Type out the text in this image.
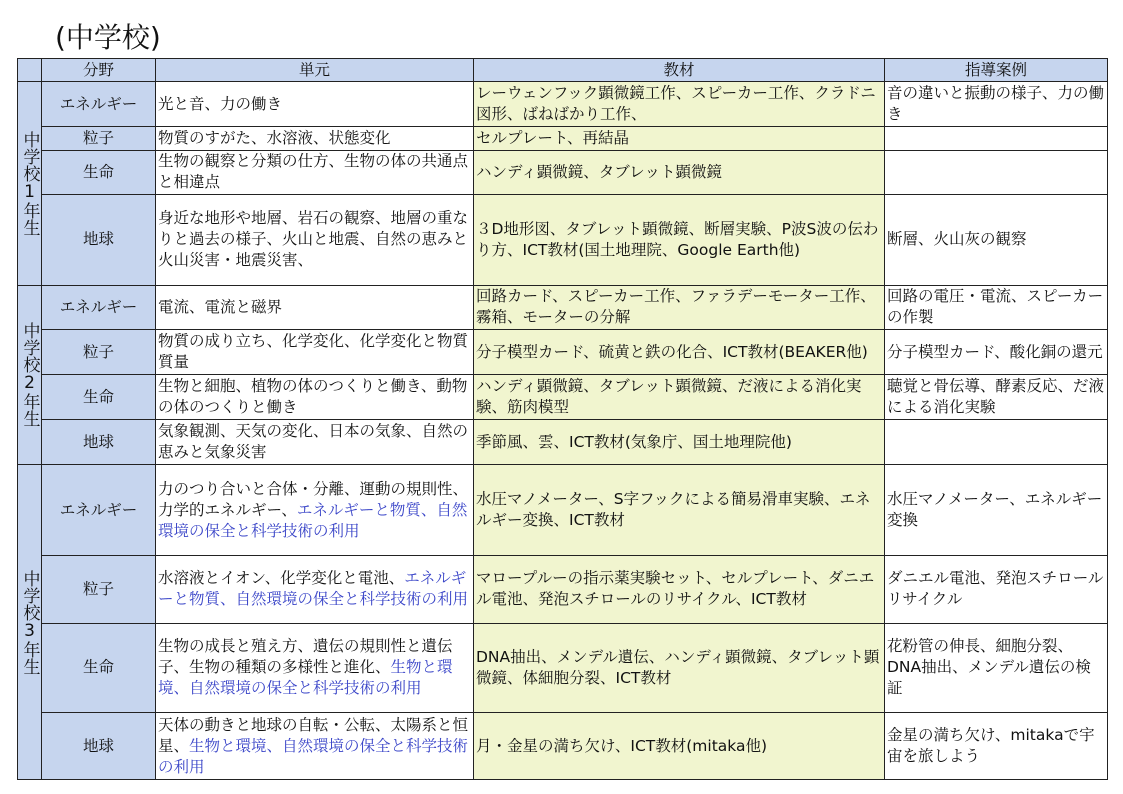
(中学校)
	分野	単元	教材	指導案例
中学校1年生	エネルギー	光と音、力の働き	レーウェンフック顕微鏡工作、スピーカー工作、クラドニ図形、ばねばかり工作、	音の違いと振動の様子、力の働き
	粒子	物質のすがた、水溶液、状態変化	セルプレート、再結晶	
	生命	生物の観察と分類の仕方、生物の体の共通点と相違点	ハンディ顕微鏡、タブレット顕微鏡	
	地球	身近な地形や地層、岩石の観察、地層の重なりと過去の様子、火山と地震、自然の恵みと火山災害・地震災害、	３D地形図、タブレット顕微鏡、断層実験、P波S波の伝わり方、ICT教材(国土地理院、Google Earth他)	断層、火山灰の観察
中学校2年生	エネルギー	電流、電流と磁界	回路カード、スピーカー工作、ファラデーモーター工作、霧箱、モーターの分解	回路の電圧・電流、スピーカーの作製
	粒子	物質の成り立ち、化学変化、化学変化と物質質量	分子模型カード、硫黄と鉄の化合、ICT教材(BEAKER他)	分子模型カード、酸化銅の還元
	生命	生物と細胞、植物の体のつくりと働き、動物の体のつくりと働き	ハンディ顕微鏡、タブレット顕微鏡、だ液による消化実験、筋肉模型	聴覚と骨伝導、酵素反応、だ液による消化実験
	地球	気象観測、天気の変化、日本の気象、自然の恵みと気象災害	季節風、雲、ICT教材(気象庁、国土地理院他)	
中学校3年生	エネルギー	力のつり合いと合体・分離、運動の規則性、力学的エネルギー、エネルギーと物質、自然環境の保全と科学技術の利用	水圧マノメーター、S字フックによる簡易滑車実験、エネルギー変換、ICT教材	水圧マノメーター、エネルギー変換
	粒子	水溶液とイオン、化学変化と電池、エネルギーと物質、自然環境の保全と科学技術の利用	マロープルーの指示薬実験セット、セルプレート、ダニエル電池、発泡スチロールのリサイクル、ICT教材	ダニエル電池、発泡スチロールリサイクル
	生命	生物の成長と殖え方、遺伝の規則性と遺伝子、生物の種類の多様性と進化、生物と環境、自然環境の保全と科学技術の利用	DNA抽出、メンデル遺伝、ハンディ顕微鏡、タブレット顕微鏡、体細胞分裂、ICT教材	花粉管の伸長、細胞分裂、DNA抽出、メンデル遺伝の検証
	地球	天体の動きと地球の自転・公転、太陽系と恒星、生物と環境、自然環境の保全と科学技術の利用	月・金星の満ち欠け、ICT教材(mitaka他)	金星の満ち欠け、mitakaで宇宙を旅しよう
